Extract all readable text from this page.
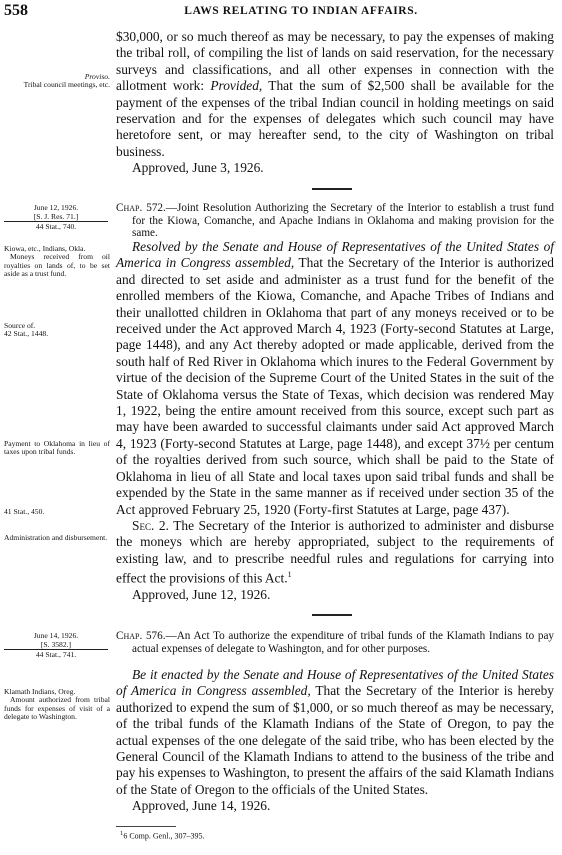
558	LAWS RELATING TO INDIAN AFFAIRS.

$30,000, or so much thereof as may be necessary, to pay the expenses of making the tribal roll, of compiling the list of lands on said reservation, for the necessary surveys and classifications, and all other expenses in connection with the allotment work: Provided, That the sum of $2,500 shall be available for the payment of the expenses of the tribal Indian council in holding meetings on said reservation and for the expenses of delegates which such council may have heretofore sent, or may hereafter send, to the city of Washington on tribal business.

Approved, June 3, 1926.

Proviso.
Tribal council meetings, etc.
June 12, 1926.
[S. J. Res. 71.]
44 Stat., 740.

Chap. 572.—Joint Resolution Authorizing the Secretary of the Interior to establish a trust fund for the Kiowa, Comanche, and Apache Indians in Oklahoma and making provision for the same.

Resolved by the Senate and House of Representatives of the United States of America in Congress assembled, That the Secretary of the Interior is authorized and directed to set aside and administer as a trust fund for the benefit of the enrolled members of the Kiowa, Comanche, and Apache Tribes of Indians and their unallotted children in Oklahoma that part of any moneys received or to be received under the Act approved March 4, 1923 (Forty-second Statutes at Large, page 1448), and any Act thereby adopted or made applicable, derived from the south half of Red River in Oklahoma which inures to the Federal Government by virtue of the decision of the Supreme Court of the United States in the suit of the State of Oklahoma versus the State of Texas, which decision was rendered May 1, 1922, being the entire amount received from this source, except such part as may have been awarded to successful claimants under said Act approved March 4, 1923 (Forty-second Statutes at Large, page 1448), and except 37½ per centum of the royalties derived from such source, which shall be paid to the State of Oklahoma in lieu of all State and local taxes upon said tribal funds and shall be expended by the State in the same manner as if received under section 35 of the Act approved February 25, 1920 (Forty-first Statutes at Large, page 437).

Sec. 2. The Secretary of the Interior is authorized to administer and disburse the moneys which are hereby appropriated, subject to the requirements of existing law, and to prescribe needful rules and regulations for carrying into effect the provisions of this Act.$^1$

Approved, June 12, 1926.

Kiowa, etc., Indians, Okla.
Moneys received from oil royalties on lands of, to be set aside as a trust fund.
Source of.
42 Stat., 1448.
Payment to Oklahoma in lieu of taxes upon tribal funds.
41 Stat., 450.
Administration and disbursement.
June 14, 1926.
[S. 3582.]
44 Stat., 741.

Chap. 576.—An Act To authorize the expenditure of tribal funds of the Klamath Indians to pay actual expenses of delegate to Washington, and for other purposes.

Be it enacted by the Senate and House of Representatives of the United States of America in Congress assembled, That the Secretary of the Interior is hereby authorized to expend the sum of $1,000, or so much thereof as may be necessary, of the tribal funds of the Klamath Indians of the State of Oregon, to pay the actual expenses of the one delegate of the said tribe, who has been elected by the General Council of the Klamath Indians to attend to the business of the tribe and pay his expenses to Washington, to present the affairs of the said Klamath Indians of the State of Oregon to the officials of the United States.

Approved, June 14, 1926.

Klamath Indians, Oreg.
Amount authorized from tribal funds for expenses of visit of a delegate to Washington.
$^1$6 Comp. Genl., 307–395.
